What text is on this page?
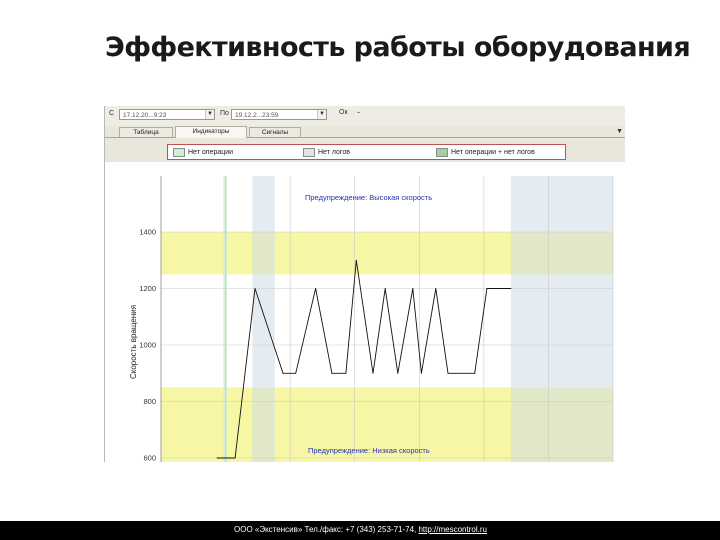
Эффективность работы оборудования
С	17.12.20...9:23	▼ По 19.12.2...23:59	▼ Ок -
Таблица	Индикаторы	Сигналы	▼
1400
1200
1000
800
600
Скорость вращения
Предупреждение: Высокая скорость
Предупреждение: Низкая скорость
Нет операции	Нет логов	Нет операции + нет логов
ООО «Экстенсив» Тел./факс: +7 (343) 253-71-74, http://mescontrol.ru
